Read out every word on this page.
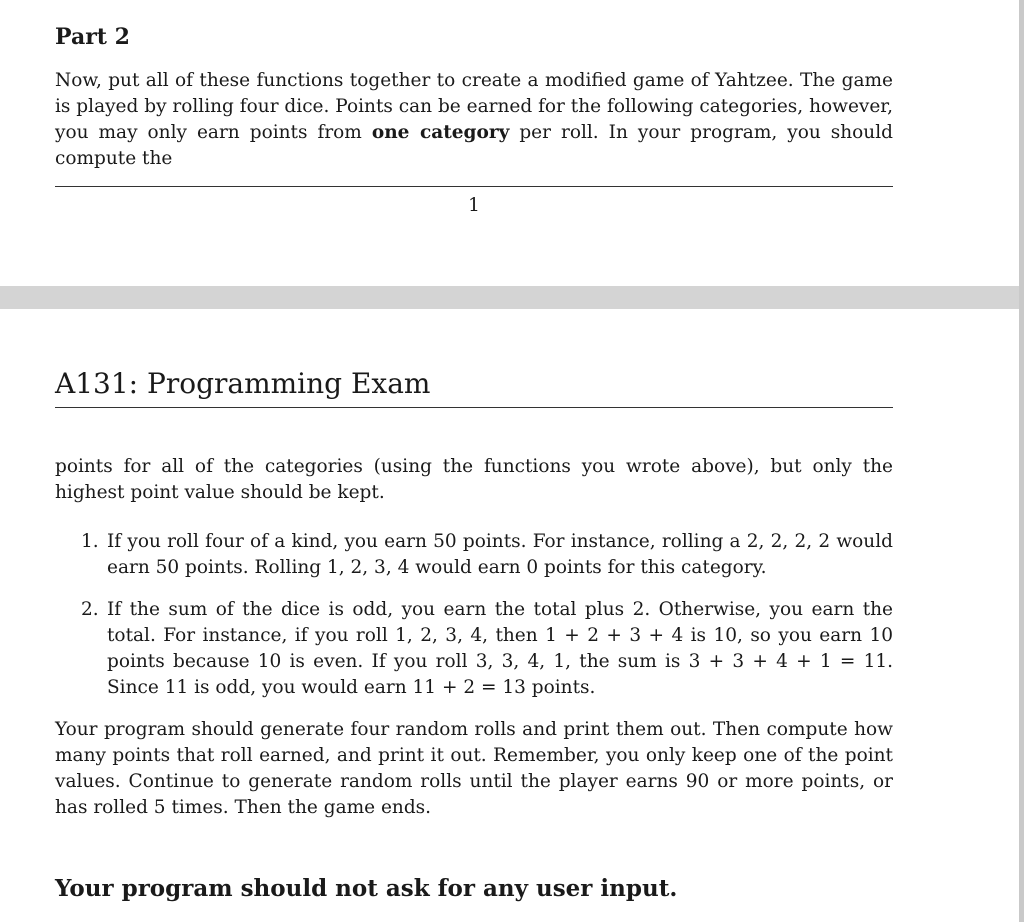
Part 2

Now, put all of these functions together to create a modified game of Yahtzee. The game is played by rolling four dice. Points can be earned for the following categories, however, you may only earn points from one category per roll. In your program, you should compute the

1
A131: Programming Exam

points for all of the categories (using the functions you wrote above), but only the highest point value should be kept.

1. If you roll four of a kind, you earn 50 points. For instance, rolling a 2, 2, 2, 2 would earn 50 points. Rolling 1, 2, 3, 4 would earn 0 points for this category.
2. If the sum of the dice is odd, you earn the total plus 2. Otherwise, you earn the total. For instance, if you roll 1, 2, 3, 4, then 1 + 2 + 3 + 4 is 10, so you earn 10 points because 10 is even. If you roll 3, 3, 4, 1, the sum is 3 + 3 + 4 + 1 = 11. Since 11 is odd, you would earn 11 + 2 = 13 points.

Your program should generate four random rolls and print them out. Then compute how many points that roll earned, and print it out. Remember, you only keep one of the point values. Continue to generate random rolls until the player earns 90 or more points, or has rolled 5 times. Then the game ends.

Your program should not ask for any user input.
